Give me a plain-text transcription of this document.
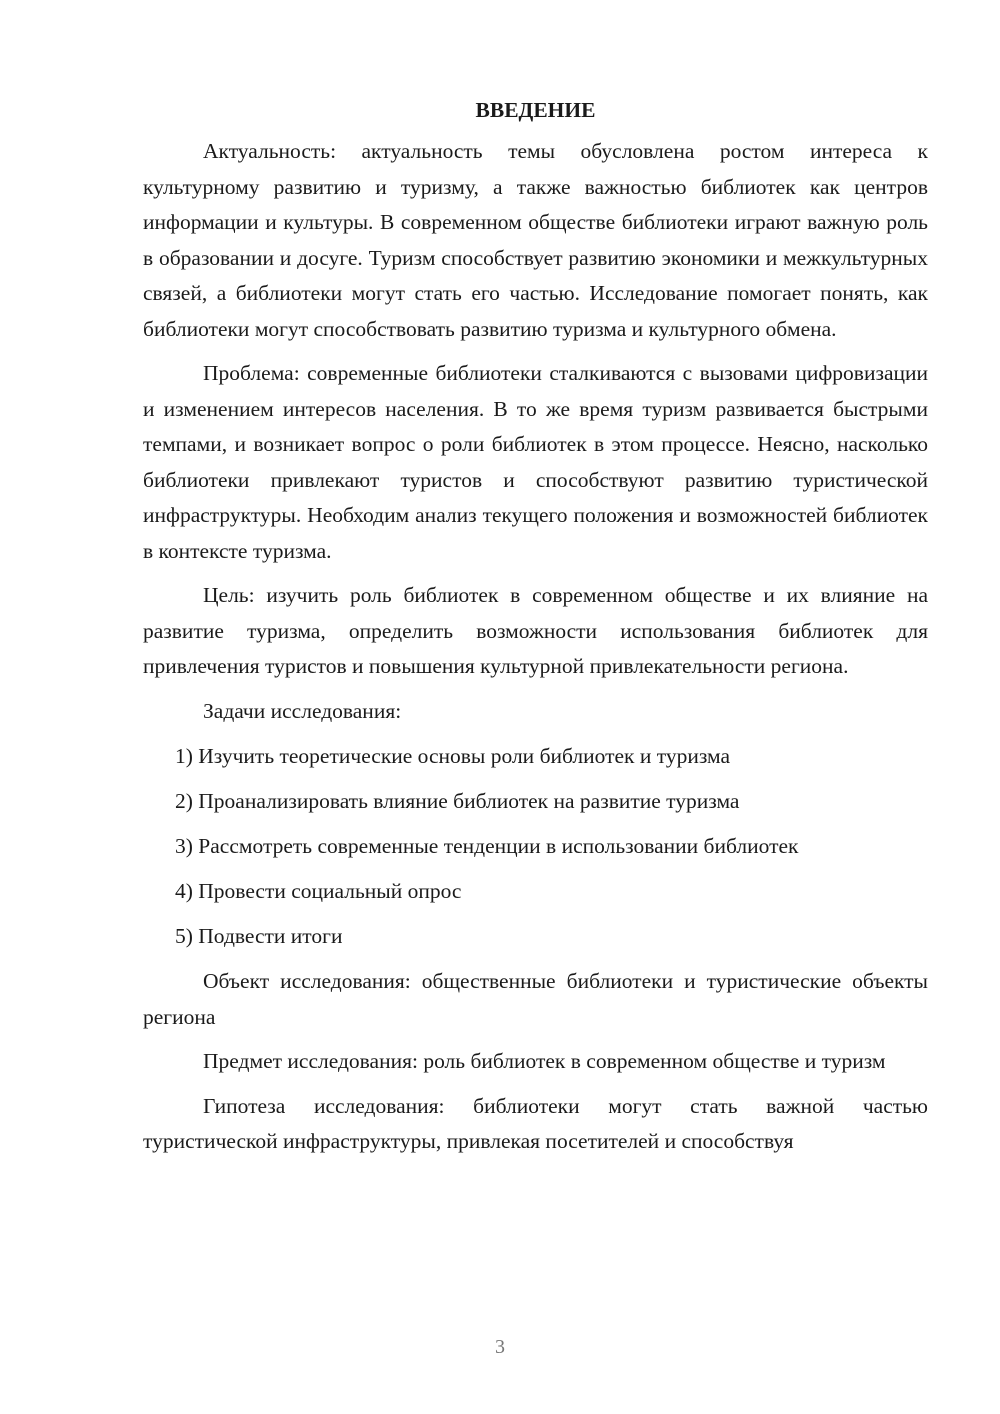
ВВЕДЕНИЕ

Актуальность: актуальность темы обусловлена ростом интереса к культурному развитию и туризму, а также важностью библиотек как центров информации и культуры. В современном обществе библиотеки играют важную роль в образовании и досуге. Туризм способствует развитию экономики и межкультурных связей, а библиотеки могут стать его частью. Исследование помогает понять, как библиотеки могут способствовать развитию туризма и культурного обмена.

Проблема: современные библиотеки сталкиваются с вызовами цифровизации и изменением интересов населения. В то же время туризм развивается быстрыми темпами, и возникает вопрос о роли библиотек в этом процессе. Неясно, насколько библиотеки привлекают туристов и способствуют развитию туристической инфраструктуры. Необходим анализ текущего положения и возможностей библиотек в контексте туризма.

Цель: изучить роль библиотек в современном обществе и их влияние на развитие туризма, определить возможности использования библиотек для привлечения туристов и повышения культурной привлекательности региона.

Задачи исследования:

1) Изучить теоретические основы роли библиотек и туризма
2) Проанализировать влияние библиотек на развитие туризма
3) Рассмотреть современные тенденции в использовании библиотек
4) Провести социальный опрос
5) Подвести итоги

Объект исследования: общественные библиотеки и туристические объекты региона

Предмет исследования: роль библиотек в современном обществе и туризм

Гипотеза исследования: библиотеки могут стать важной частью туристической инфраструктуры, привлекая посетителей и способствуя

3
